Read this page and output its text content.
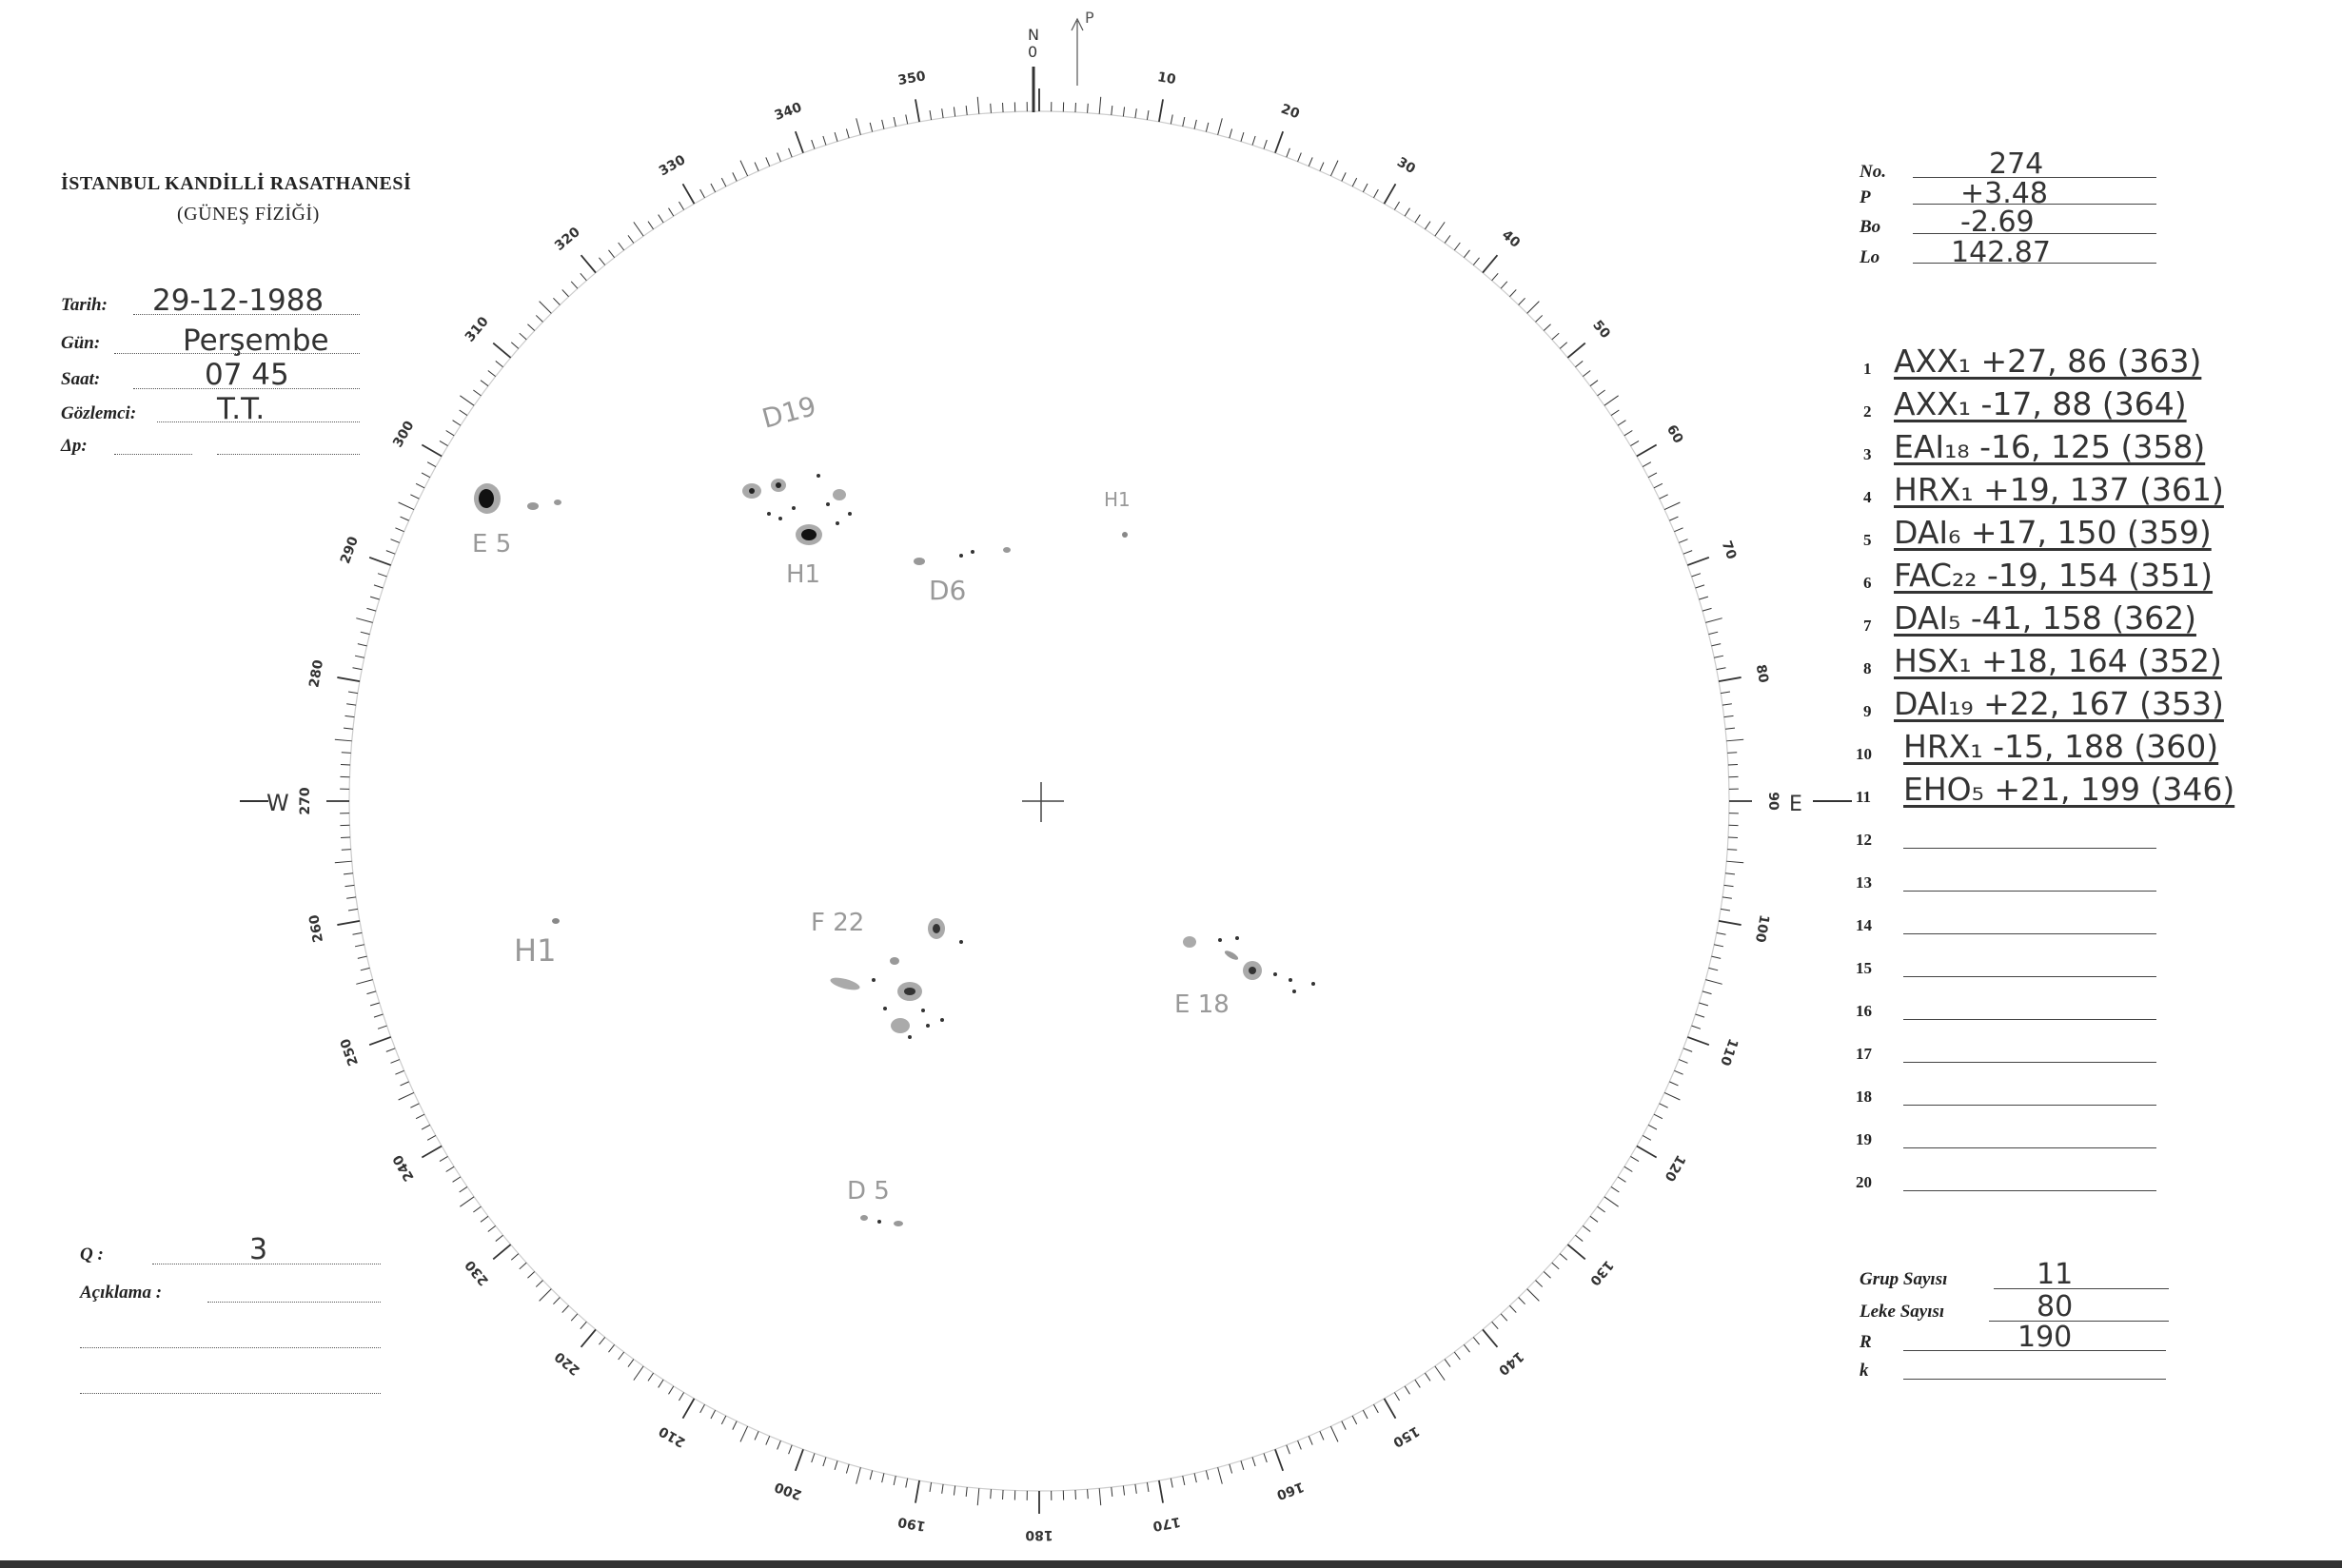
İSTANBUL KANDİLLİ RASATHANESİ
(GÜNEŞ FİZİĞİ)
Tarih: 29-12-1988
Gün:	Perşembe
Saat:	07 45
Gözlemci:	T.T.
Δp:
No.	274
P	+3.48
Bo	-2.69
Lo 142.87
1 AXX₁ +27, 86 (363)
2 AXX₁ -17, 88 (364)
3 EAI₁₈ -16, 125 (358)
4 HRX₁ +19, 137 (361)
5 DAI₆ +17, 150 (359)
6 FAC₂₂ -19, 154 (351)
7 DAI₅ -41, 158 (362)
8 HSX₁ +18, 164 (352)
9 DAI₁₉ +22, 167 (353)
10 HRX₁ -15, 188 (360)
11 EHO₅ +21, 199 (346)
12
13
14
15
16
17
18
19
20
Grup Sayısı	11
Leke Sayısı	80
R	190
k
Q :	3
Açıklama :
10
20
30
40
50
60
70
80
90
100
110
120
130
140
150
160
170
180
190
200
210
220
230
240
250
260
270
280
290
300
310
320
330
340
350
N
0
P
W	E
E 5
D19
H1	D6
H1
H1
F 22
E 18
D 5
